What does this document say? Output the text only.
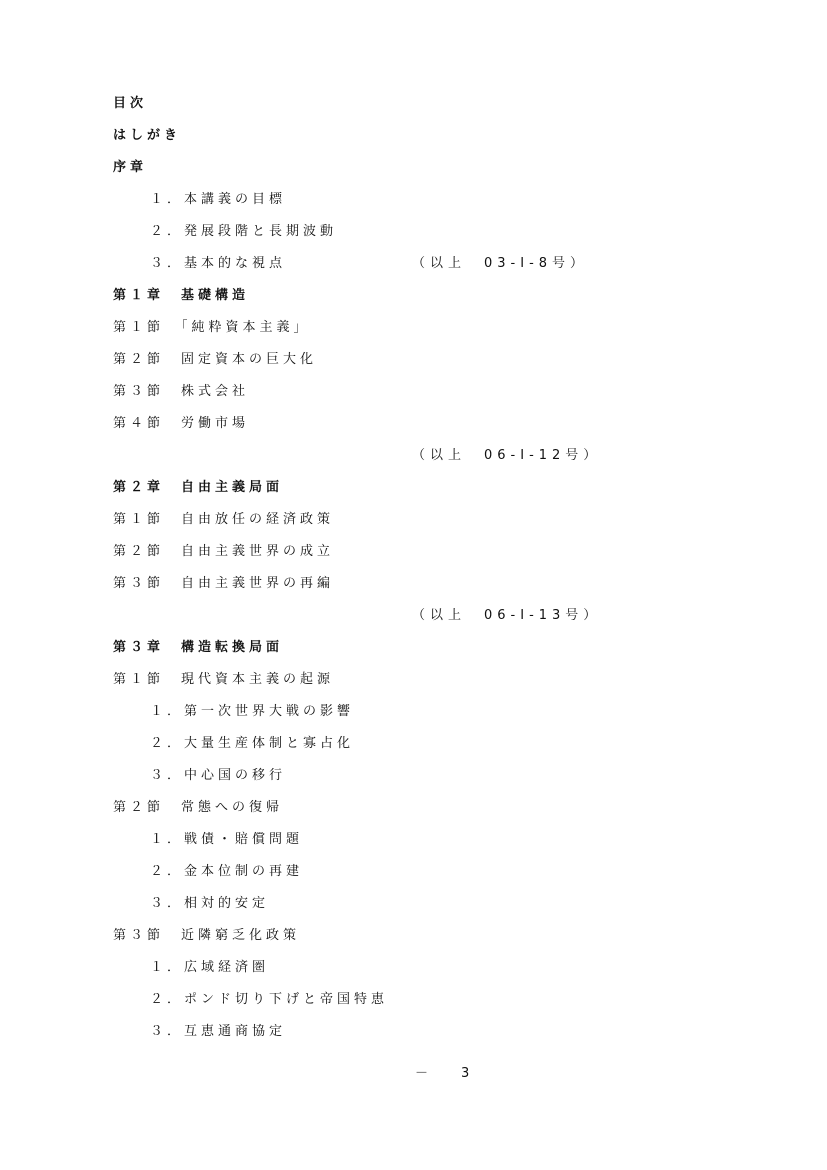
目次
はしがき
序章
１．本講義の目標
２．発展段階と長期波動
３．基本的な視点	（以上　03-I-8号）
第１章　基礎構造
第１節　「純粋資本主義」
第２節　固定資本の巨大化
第３節　株式会社
第４節　労働市場
（以上　06-I-12号）
第２章　自由主義局面
第１節　自由放任の経済政策
第２節　自由主義世界の成立
第３節　自由主義世界の再編
（以上　06-I-13号）
第３章　構造転換局面
第１節　現代資本主義の起源
１．第一次世界大戦の影響
２．大量生産体制と寡占化
３．中心国の移行
第２節　常態への復帰
１．戦債・賠償問題
２．金本位制の再建
３．相対的安定
第３節　近隣窮乏化政策
１．広域経済圏
２．ポンド切り下げと帝国特恵
３．互恵通商協定
－　3
